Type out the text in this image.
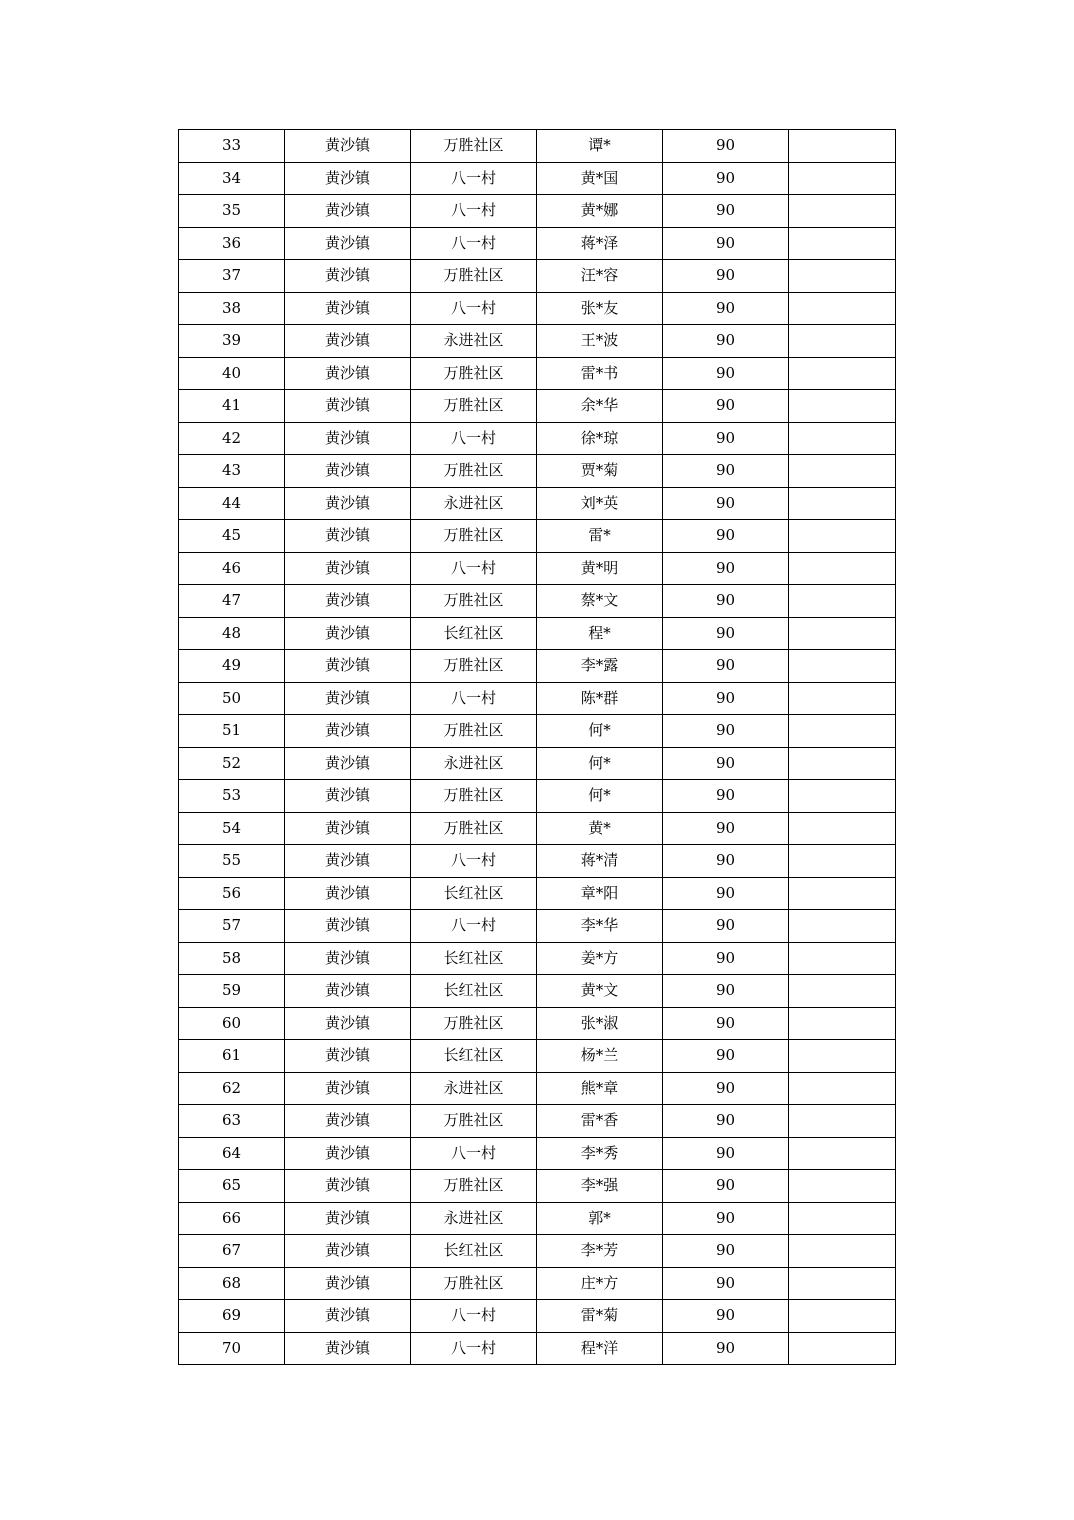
33	黄沙镇	万胜社区	谭*	90	
34	黄沙镇	八一村	黄*国	90	
35	黄沙镇	八一村	黄*娜	90	
36	黄沙镇	八一村	蒋*泽	90	
37	黄沙镇	万胜社区	汪*容	90	
38	黄沙镇	八一村	张*友	90	
39	黄沙镇	永进社区	王*波	90	
40	黄沙镇	万胜社区	雷*书	90	
41	黄沙镇	万胜社区	余*华	90	
42	黄沙镇	八一村	徐*琼	90	
43	黄沙镇	万胜社区	贾*菊	90	
44	黄沙镇	永进社区	刘*英	90	
45	黄沙镇	万胜社区	雷*	90	
46	黄沙镇	八一村	黄*明	90	
47	黄沙镇	万胜社区	蔡*文	90	
48	黄沙镇	长红社区	程*	90	
49	黄沙镇	万胜社区	李*露	90	
50	黄沙镇	八一村	陈*群	90	
51	黄沙镇	万胜社区	何*	90	
52	黄沙镇	永进社区	何*	90	
53	黄沙镇	万胜社区	何*	90	
54	黄沙镇	万胜社区	黄*	90	
55	黄沙镇	八一村	蒋*清	90	
56	黄沙镇	长红社区	章*阳	90	
57	黄沙镇	八一村	李*华	90	
58	黄沙镇	长红社区	姜*方	90	
59	黄沙镇	长红社区	黄*文	90	
60	黄沙镇	万胜社区	张*淑	90	
61	黄沙镇	长红社区	杨*兰	90	
62	黄沙镇	永进社区	熊*章	90	
63	黄沙镇	万胜社区	雷*香	90	
64	黄沙镇	八一村	李*秀	90	
65	黄沙镇	万胜社区	李*强	90	
66	黄沙镇	永进社区	郭*	90	
67	黄沙镇	长红社区	李*芳	90	
68	黄沙镇	万胜社区	庄*方	90	
69	黄沙镇	八一村	雷*菊	90	
70	黄沙镇	八一村	程*洋	90	
